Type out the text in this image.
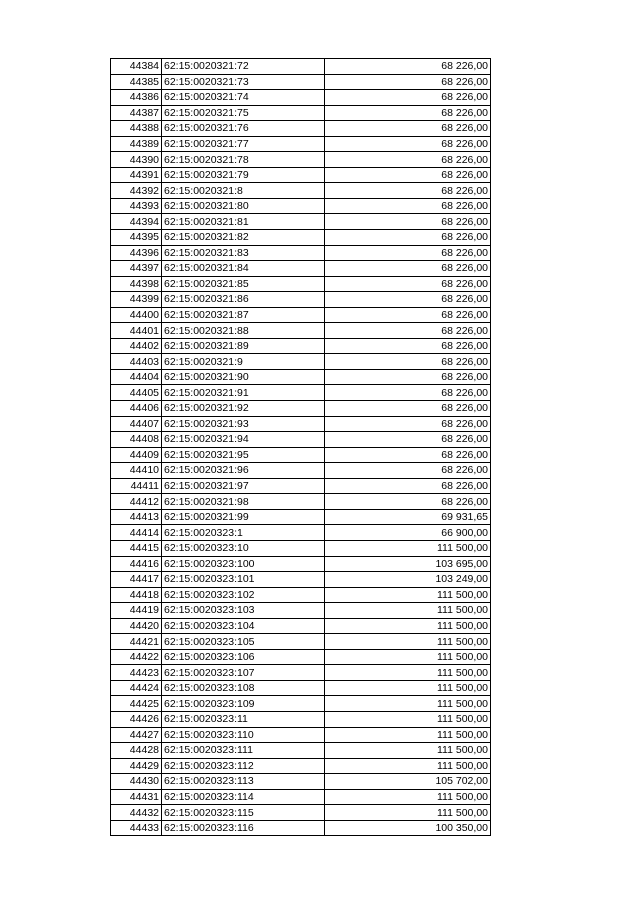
44384	62:15:0020321:72	68 226,00
44385	62:15:0020321:73	68 226,00
44386	62:15:0020321:74	68 226,00
44387	62:15:0020321:75	68 226,00
44388	62:15:0020321:76	68 226,00
44389	62:15:0020321:77	68 226,00
44390	62:15:0020321:78	68 226,00
44391	62:15:0020321:79	68 226,00
44392	62:15:0020321:8	68 226,00
44393	62:15:0020321:80	68 226,00
44394	62:15:0020321:81	68 226,00
44395	62:15:0020321:82	68 226,00
44396	62:15:0020321:83	68 226,00
44397	62:15:0020321:84	68 226,00
44398	62:15:0020321:85	68 226,00
44399	62:15:0020321:86	68 226,00
44400	62:15:0020321:87	68 226,00
44401	62:15:0020321:88	68 226,00
44402	62:15:0020321:89	68 226,00
44403	62:15:0020321:9	68 226,00
44404	62:15:0020321:90	68 226,00
44405	62:15:0020321:91	68 226,00
44406	62:15:0020321:92	68 226,00
44407	62:15:0020321:93	68 226,00
44408	62:15:0020321:94	68 226,00
44409	62:15:0020321:95	68 226,00
44410	62:15:0020321:96	68 226,00
44411	62:15:0020321:97	68 226,00
44412	62:15:0020321:98	68 226,00
44413	62:15:0020321:99	69 931,65
44414	62:15:0020323:1	66 900,00
44415	62:15:0020323:10	111 500,00
44416	62:15:0020323:100	103 695,00
44417	62:15:0020323:101	103 249,00
44418	62:15:0020323:102	111 500,00
44419	62:15:0020323:103	111 500,00
44420	62:15:0020323:104	111 500,00
44421	62:15:0020323:105	111 500,00
44422	62:15:0020323:106	111 500,00
44423	62:15:0020323:107	111 500,00
44424	62:15:0020323:108	111 500,00
44425	62:15:0020323:109	111 500,00
44426	62:15:0020323:11	111 500,00
44427	62:15:0020323:110	111 500,00
44428	62:15:0020323:111	111 500,00
44429	62:15:0020323:112	111 500,00
44430	62:15:0020323:113	105 702,00
44431	62:15:0020323:114	111 500,00
44432	62:15:0020323:115	111 500,00
44433	62:15:0020323:116	100 350,00
